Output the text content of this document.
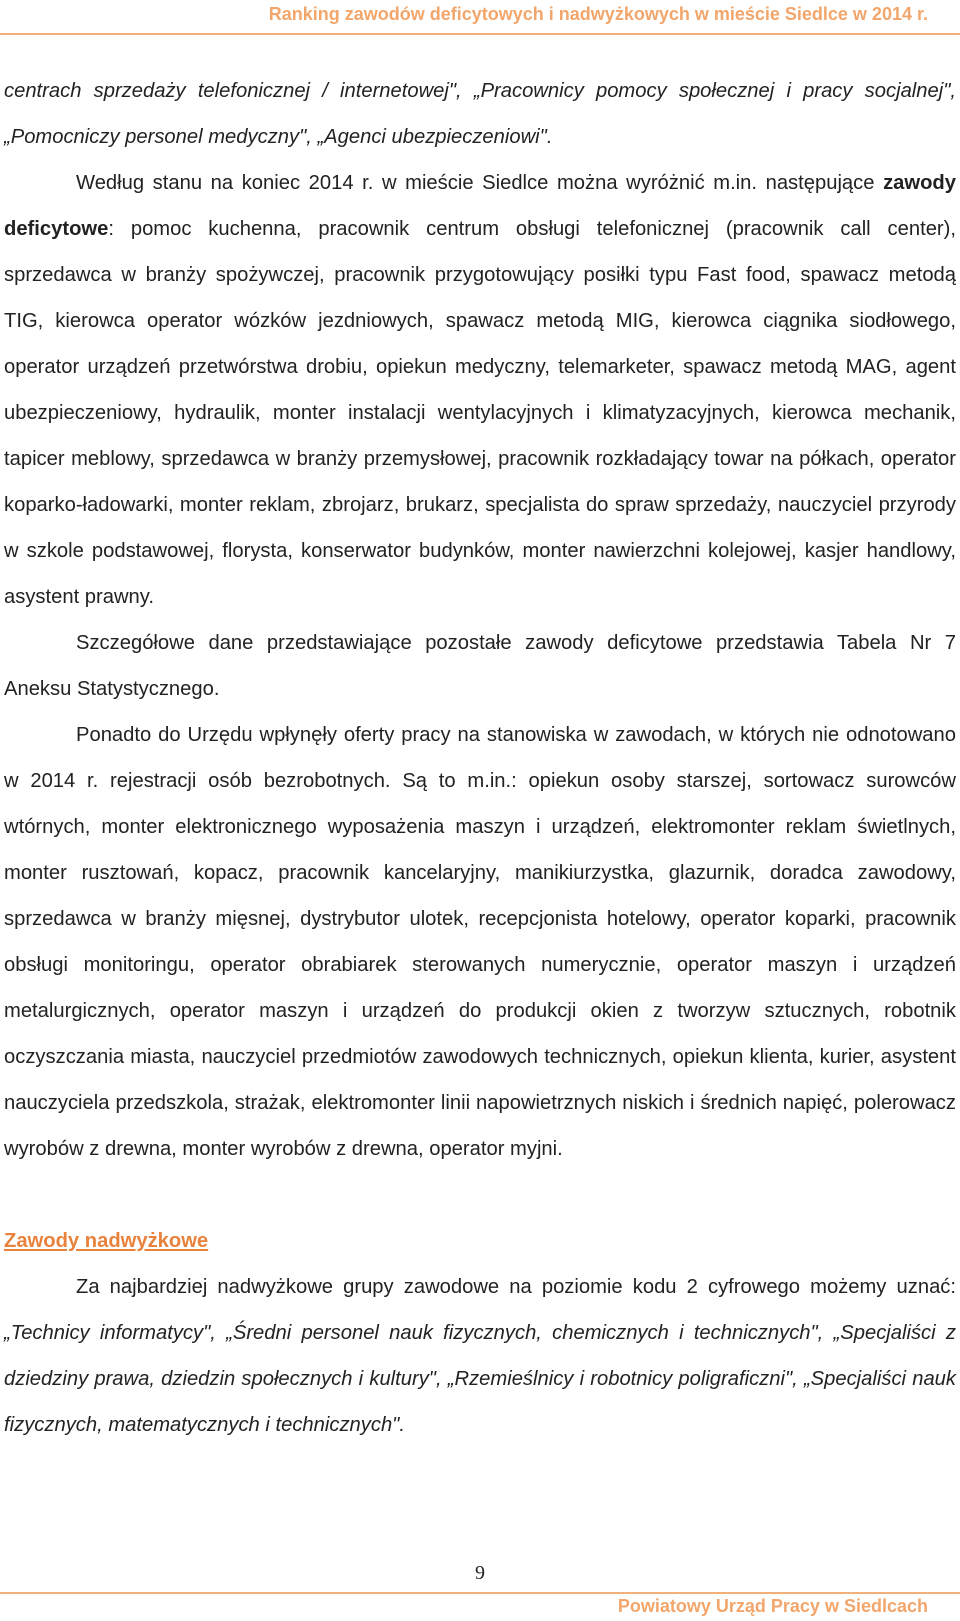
Ranking zawodów deficytowych i nadwyżkowych w mieście Siedlce w 2014 r.

centrach sprzedaży telefonicznej / internetowej", „Pracownicy pomocy społecznej i pracy socjalnej", „Pomocniczy personel medyczny", „Agenci ubezpieczeniowi".

Według stanu na koniec 2014 r. w mieście Siedlce można wyróżnić m.in. następujące zawody deficytowe: pomoc kuchenna, pracownik centrum obsługi telefonicznej (pracownik call center), sprzedawca w branży spożywczej, pracownik przygotowujący posiłki typu Fast food, spawacz metodą TIG, kierowca operator wózków jezdniowych, spawacz metodą MIG, kierowca ciągnika siodłowego, operator urządzeń przetwórstwa drobiu, opiekun medyczny, telemarketer, spawacz metodą MAG, agent ubezpieczeniowy, hydraulik, monter instalacji wentylacyjnych i klimatyzacyjnych, kierowca mechanik, tapicer meblowy, sprzedawca w branży przemysłowej, pracownik rozkładający towar na półkach, operator koparko-ładowarki, monter reklam, zbrojarz, brukarz, specjalista do spraw sprzedaży, nauczyciel przyrody w szkole podstawowej, florysta, konserwator budynków, monter nawierzchni kolejowej, kasjer handlowy, asystent prawny.

Szczegółowe dane przedstawiające pozostałe zawody deficytowe przedstawia Tabela Nr 7 Aneksu Statystycznego.

Ponadto do Urzędu wpłynęły oferty pracy na stanowiska w zawodach, w których nie odnotowano w 2014 r. rejestracji osób bezrobotnych. Są to m.in.: opiekun osoby starszej, sortowacz surowców wtórnych, monter elektronicznego wyposażenia maszyn i urządzeń, elektromonter reklam świetlnych, monter rusztowań, kopacz, pracownik kancelaryjny, manikiurzystka, glazurnik, doradca zawodowy, sprzedawca w branży mięsnej, dystrybutor ulotek, recepcjonista hotelowy, operator koparki, pracownik obsługi monitoringu, operator obrabiarek sterowanych numerycznie, operator maszyn i urządzeń metalurgicznych, operator maszyn i urządzeń do produkcji okien z tworzyw sztucznych, robotnik oczyszczania miasta, nauczyciel przedmiotów zawodowych technicznych, opiekun klienta, kurier, asystent nauczyciela przedszkola, strażak, elektromonter linii napowietrznych niskich i średnich napięć, polerowacz wyrobów z drewna, monter wyrobów z drewna, operator myjni.

Zawody nadwyżkowe

Za najbardziej nadwyżkowe grupy zawodowe na poziomie kodu 2 cyfrowego możemy uznać: „Technicy informatycy", „Średni personel nauk fizycznych, chemicznych i technicznych", „Specjaliści z dziedziny prawa, dziedzin społecznych i kultury", „Rzemieślnicy i robotnicy poligraficzni", „Specjaliści nauk fizycznych, matematycznych i technicznych".

9
Powiatowy Urząd Pracy w Siedlcach
